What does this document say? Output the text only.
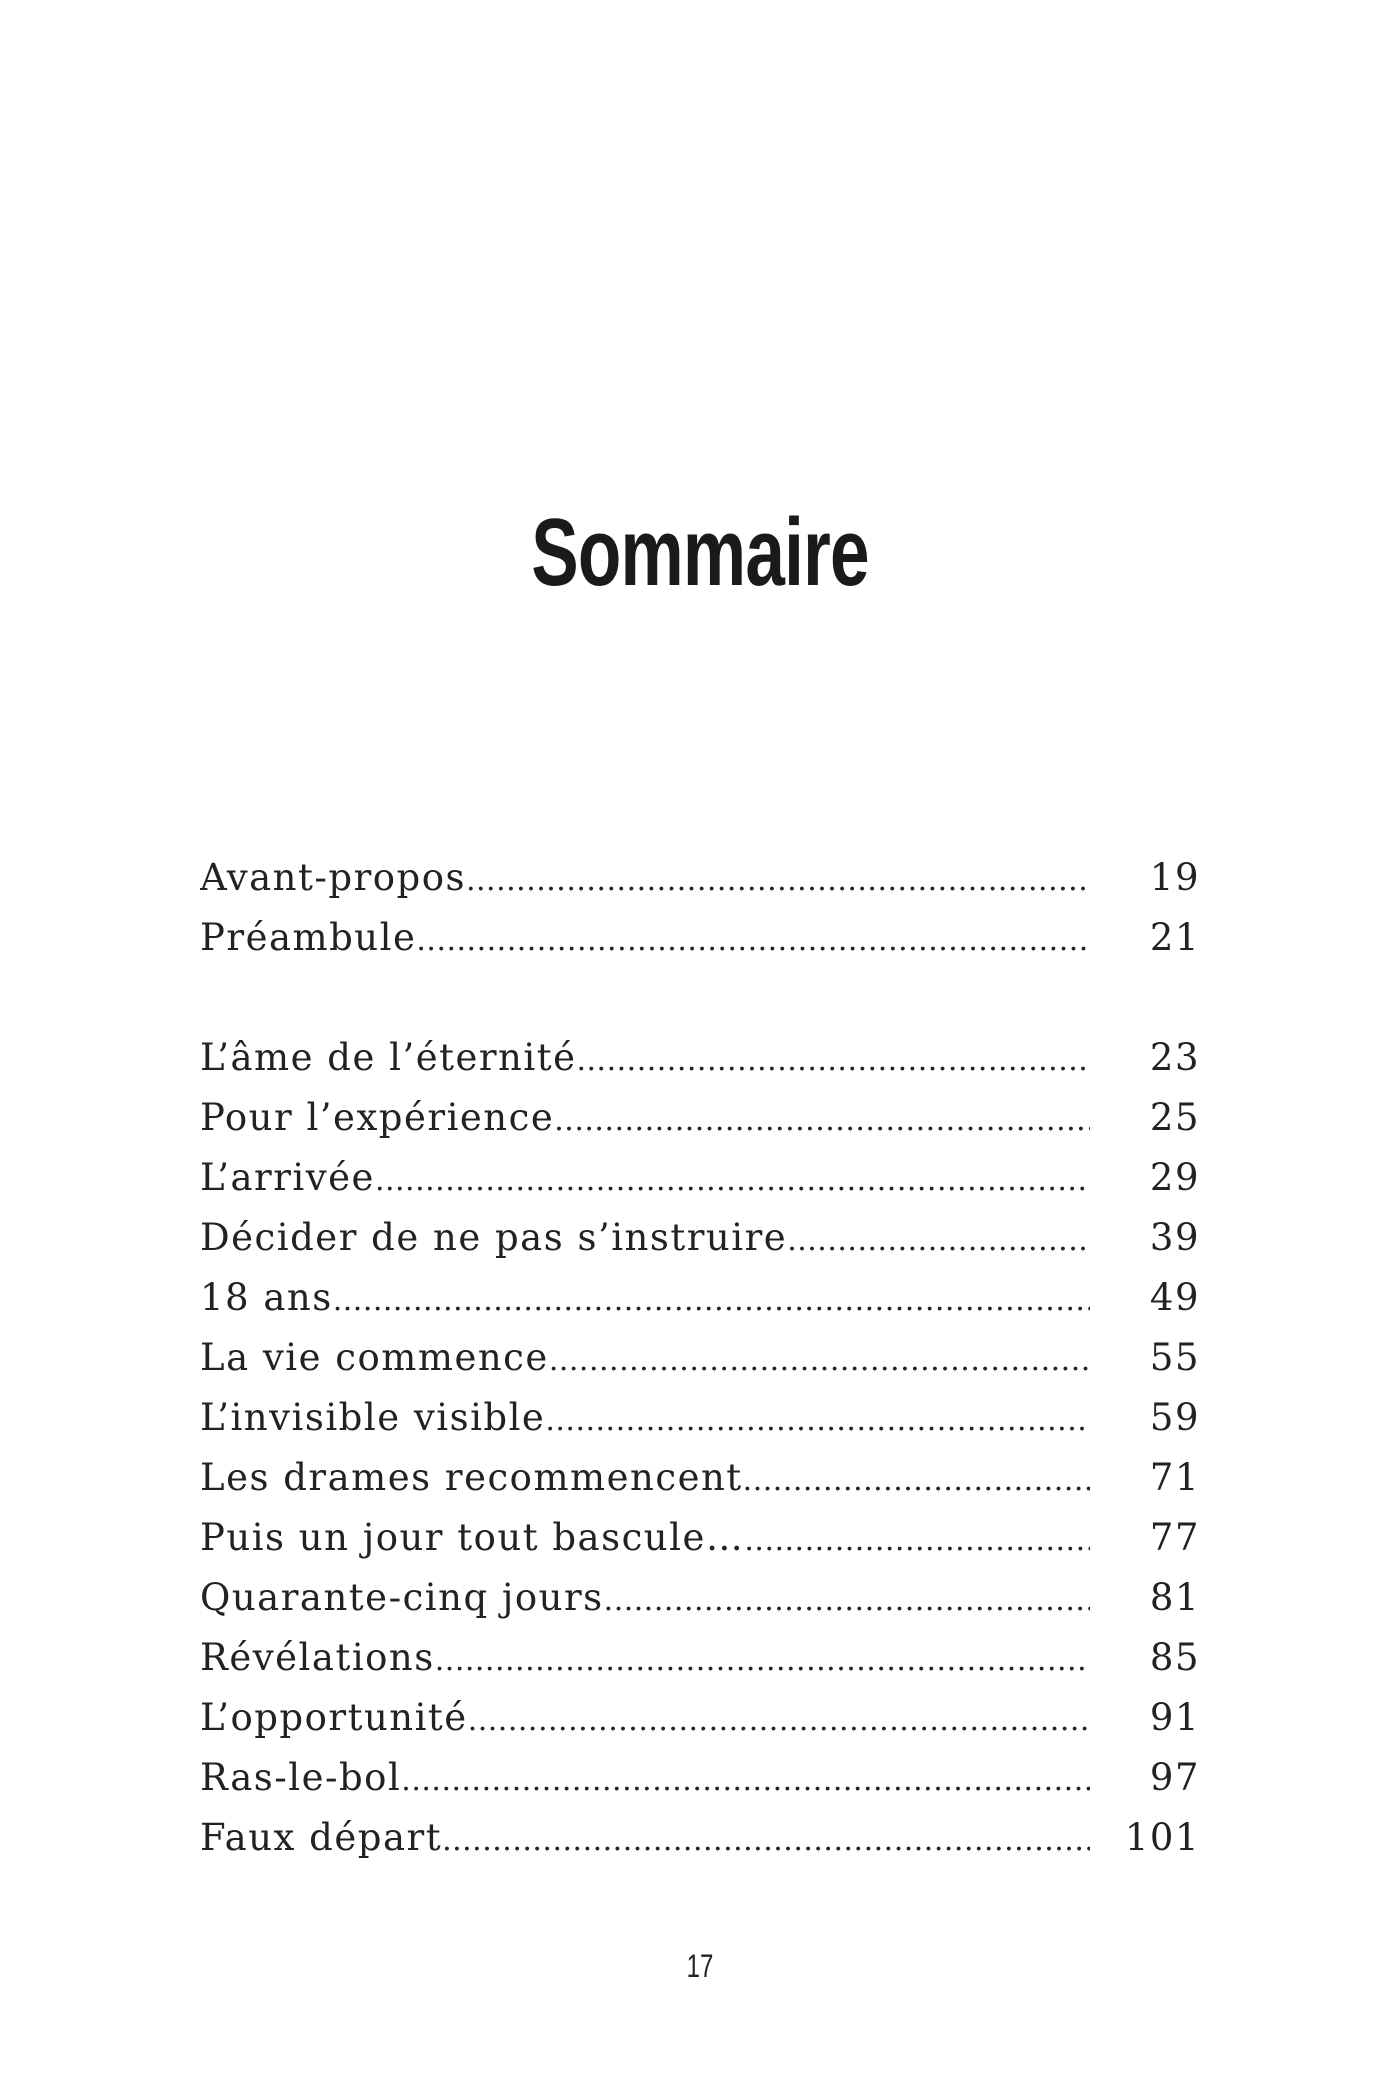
Sommaire
Avant-propos .....	19
Préambule .....	21
L’âme de l’éternité .....	23
Pour l’expérience .....	25
L’arrivée .....	29
Décider de ne pas s’instruire .....	39
18 ans .....	49
La vie commence .....	55
L’invisible visible .....	59
Les drames recommencent .....	71
Puis un jour tout bascule… .....	77
Quarante-cinq jours .....	81
Révélations .....	85
L’opportunité .....	91
Ras-le-bol .....	97
Faux départ .....	101
17
